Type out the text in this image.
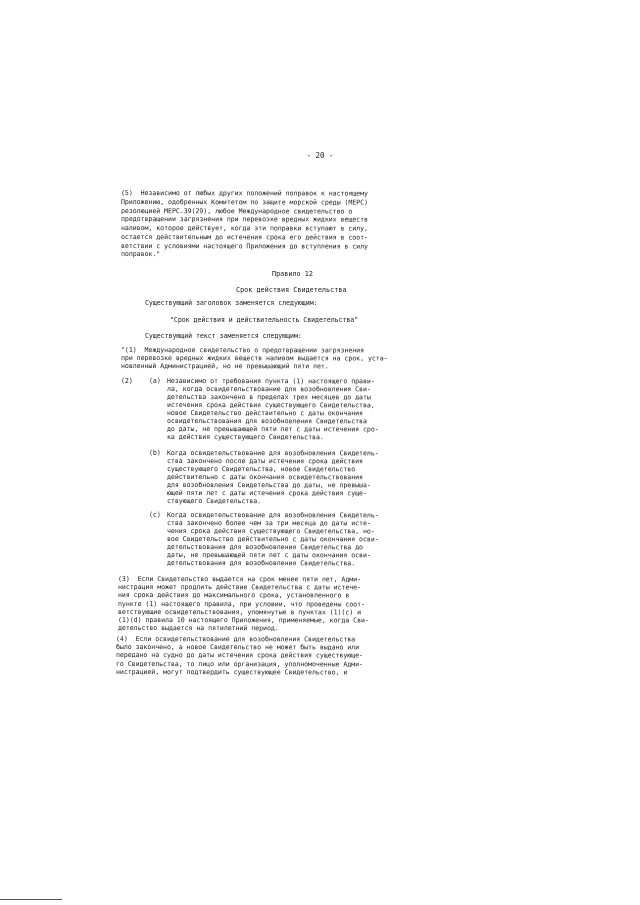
- 20 -
(5)  Независимо от любых других положений поправок к настоящему
Приложению, одобренных Комитетом по защите морской среды (МЕРС)
резолюцией МЕРС.39(29), любое Международное свидетельство о
предотвращении загрязнения при перевозке вредных жидких веществ
наливом, которое действует, когда эти поправки вступают в силу,
остается действительным до истечения срока его действия в соот-
ветствии с условиями настоящего Приложения до вступления в силу
поправок."
Правило 12
Срок действия Свидетельства
Существующий заголовок заменяется следующим:
"Срок действия и действительность Свидетельства"
Существующий текст заменяется следующим:
"(1)  Международное свидетельство о предотвращении загрязнения
при перевозке вредных жидких веществ наливом выдается на срок, уста-
новленный Администрацией, но не превышающий пяти лет.
(2) (a) Независимо от требования пункта (1) настоящего прави-
ла, когда освидетельствование для возобновления Сви-
детельства закончено в пределах трех месяцев до даты
истечения срока действия существующего Свидетельства,
новое Свидетельство действительно с даты окончания
освидетельствования для возобновления Свидетельства
до даты, не превышающей пяти лет с даты истечения сро-
ка действия существующего Свидетельства.
(b) Когда освидетельствование для возобновления Свидетель-
ства закончено после даты истечения срока действия
существующего Свидетельства, новое Свидетельство
действительно с даты окончания освидетельствования
для возобновления Свидетельства до даты, не превыша-
ющей пяти лет с даты истечения срока действия суще-
ствующего Свидетельства.
(c) Когда освидетельствование для возобновления Свидетель-
ства закончено более чем за три месяца до даты исте-
чения срока действия существующего Свидетельства, но-
вое Свидетельство действительно с даты окончания осви-
детельствования для возобновления Свидетельства до
даты, не превышающей пяти лет с даты окончания осви-
детельствования для возобновления Свидетельства.
(3)  Если Свидетельство выдается на срок менее пяти лет, Адми-
нистрация может продлить действие Свидетельства с даты истече-
ния срока действия до максимального срока, установленного в
пункте (1) настоящего правила, при условии, что проведены соот-
ветствующие освидетельствования, упомянутые в пунктах (1)(c) и
(1)(d) правила 10 настоящего Приложения, применяемые, когда Сви-
детельство выдается на пятилетний период.
(4)  Если освидетельствование для возобновления Свидетельства
было закончено, а новое Свидетельство не может быть выдано или
передано на судно до даты истечения срока действия существующе-
го Свидетельства, то лицо или организация, уполномоченные Адми-
нистрацией, могут подтвердить существующее Свидетельство, и
